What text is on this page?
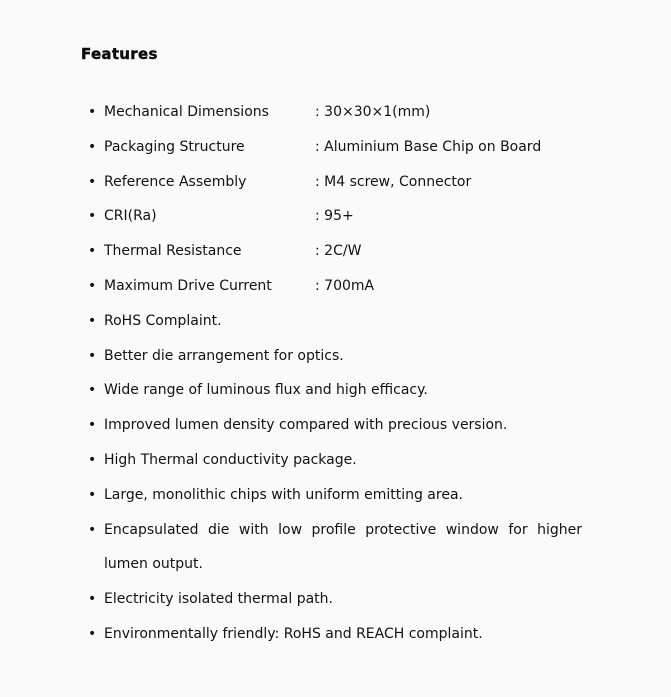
Features
• Mechanical Dimensions	: 30×30×1(mm)
• Packaging Structure	: Aluminium Base Chip on Board
• Reference Assembly	: M4 screw, Connector
• CRI(Ra)	: 95+
• Thermal Resistance	: 2C/W
• Maximum Drive Current	: 700mA
• RoHS Complaint.
• Better die arrangement for optics.
• Wide range of luminous flux and high efficacy.
• Improved lumen density compared with precious version.
• High Thermal conductivity package.
• Large, monolithic chips with uniform emitting area.
• Encapsulated die with low profile protective window for higher lumen output.
• Electricity isolated thermal path.
• Environmentally friendly: RoHS and REACH complaint.
